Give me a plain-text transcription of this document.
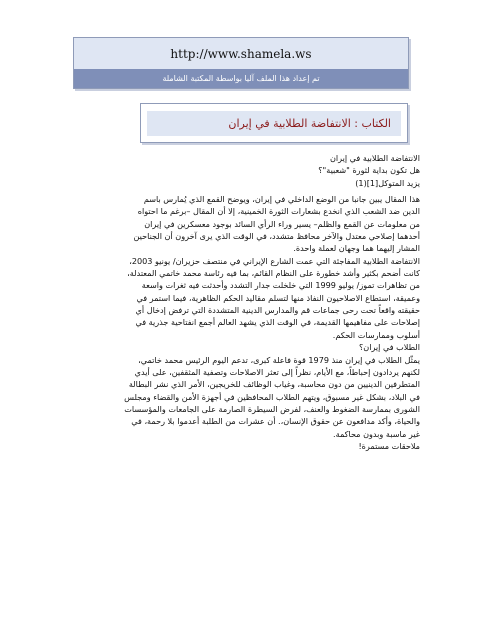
http://www.shamela.ws
تم إعداد هذا الملف آليا بواسطة المكتبة الشاملة
الكتاب : الانتفاضة الطلابية في إيران
الانتفاضة الطلابية في إيران
هل تكون بداية لثورة "شعبية"؟
يزيد المتوكل[1](1)
هذا المقال يبين جانبا من الوضع الداخلي في إيران، ويوضح القمع الذي يُمارس باسم
الدين ضد الشعب الذي انخدع بشعارات الثورة الخمينية، إلا أن المقال –برغم ما احتواه
من معلومات عن القمع والظلم– يسير وراء الرأي السائد بوجود معسكرين في إيران
أحدهما إصلاحي معتدل والآخر محافظ متشدد، في الوقت الذي يرى آخرون أن الجناحين
المشار إليهما هما وجهان لعملة واحدة.
الانتفاضة الطلابية المفاجئة التي عمت الشارع الإيراني في منتصف حزيران/ يونيو 2003،
كانت أضحم بكثير وأشد خطورة على النظام القائم، بما فيه رئاسة محمد خاتمي المعتدلة،
من تظاهرات تموز/ يوليو 1999 التي خلخلت جدار التشدد وأحدثت فيه ثغرات واسعة
وعميقة، استطاع الاصلاحيون النفاذ منها لتسلم مقاليد الحكم الظاهرية، فيما استمر في
حقيقته واقعاً تحت رحى جماعات قم والمدارس الدينية المتشددة التي ترفض إدخال أي
إصلاحات على مفاهيمها القديمة، في الوقت الذي يشهد العالم أجمع انفتاحية جذرية في
أسلوب وممارسات الحكم.
الطلاب في إيران؟
يمثّل الطلاب في إيران منذ 1979 قوة فاعلة كبرى، تدعم اليوم الرئيس محمد خاتمي،
لكنهم يردادون إحباطاً، مع الأيام، نظراً إلى تعثر الاصلاحات وتصفية المثقفين، على أيدي
المتطرفين الدينيين من دون محاسبة، وغياب الوظائف للخريجين، الأمر الذي نشر البطالة
في البلاد، بشكل غير مسبوق، ويتهم الطلاب المحافظين في أجهزة الأمن والقضاء ومجلس
الشورى بممارسة الضغوط والعنف، لفرض السيطرة الصارمة على الجامعات والمؤسسات
والحياة، وأكد مدافعون عن حقوق الإنسان،. أن عشرات من الطلبة أعدموا بلا رحمة، في
غير ماسبة وبدون محاكمة.
ملاحقات مستمرة!
